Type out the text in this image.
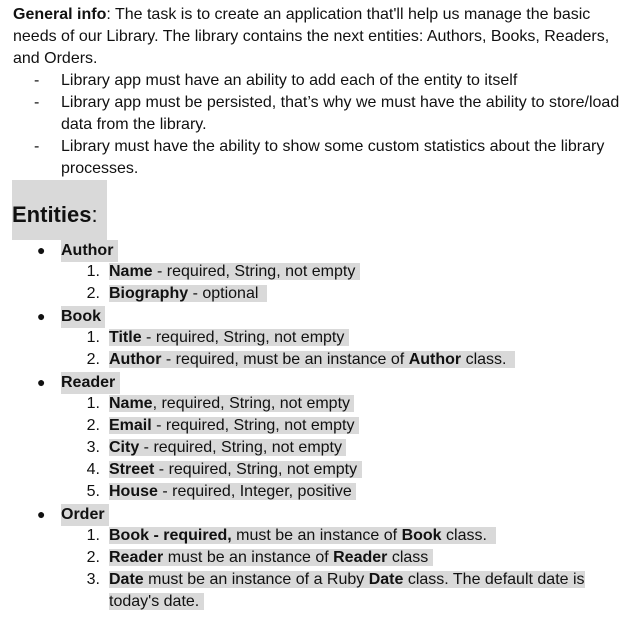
General info: The task is to create an application that'll help us manage the basic needs of our Library. The library contains the next entities: Authors, Books, Readers, and Orders.

-	Library app must have an ability to add each of the entity to itself
-	Library app must be persisted, that’s why we must have the ability to store/load data from the library.
-	Library must have the ability to show some custom statistics about the library processes.
Entities:
● Author
1. Name - required, String, not empty
2. Biography - optional
● Book
1. Title - required, String, not empty
2. Author - required, must be an instance of Author class.
● Reader
1. Name, required, String, not empty
2. Email - required, String, not empty
3. City - required, String, not empty
4. Street - required, String, not empty
5. House - required, Integer, positive
● Order
1. Book - required, must be an instance of Book class.
2. Reader must be an instance of Reader class
3. Date must be an instance of a Ruby Date class. The default date is today's date.
